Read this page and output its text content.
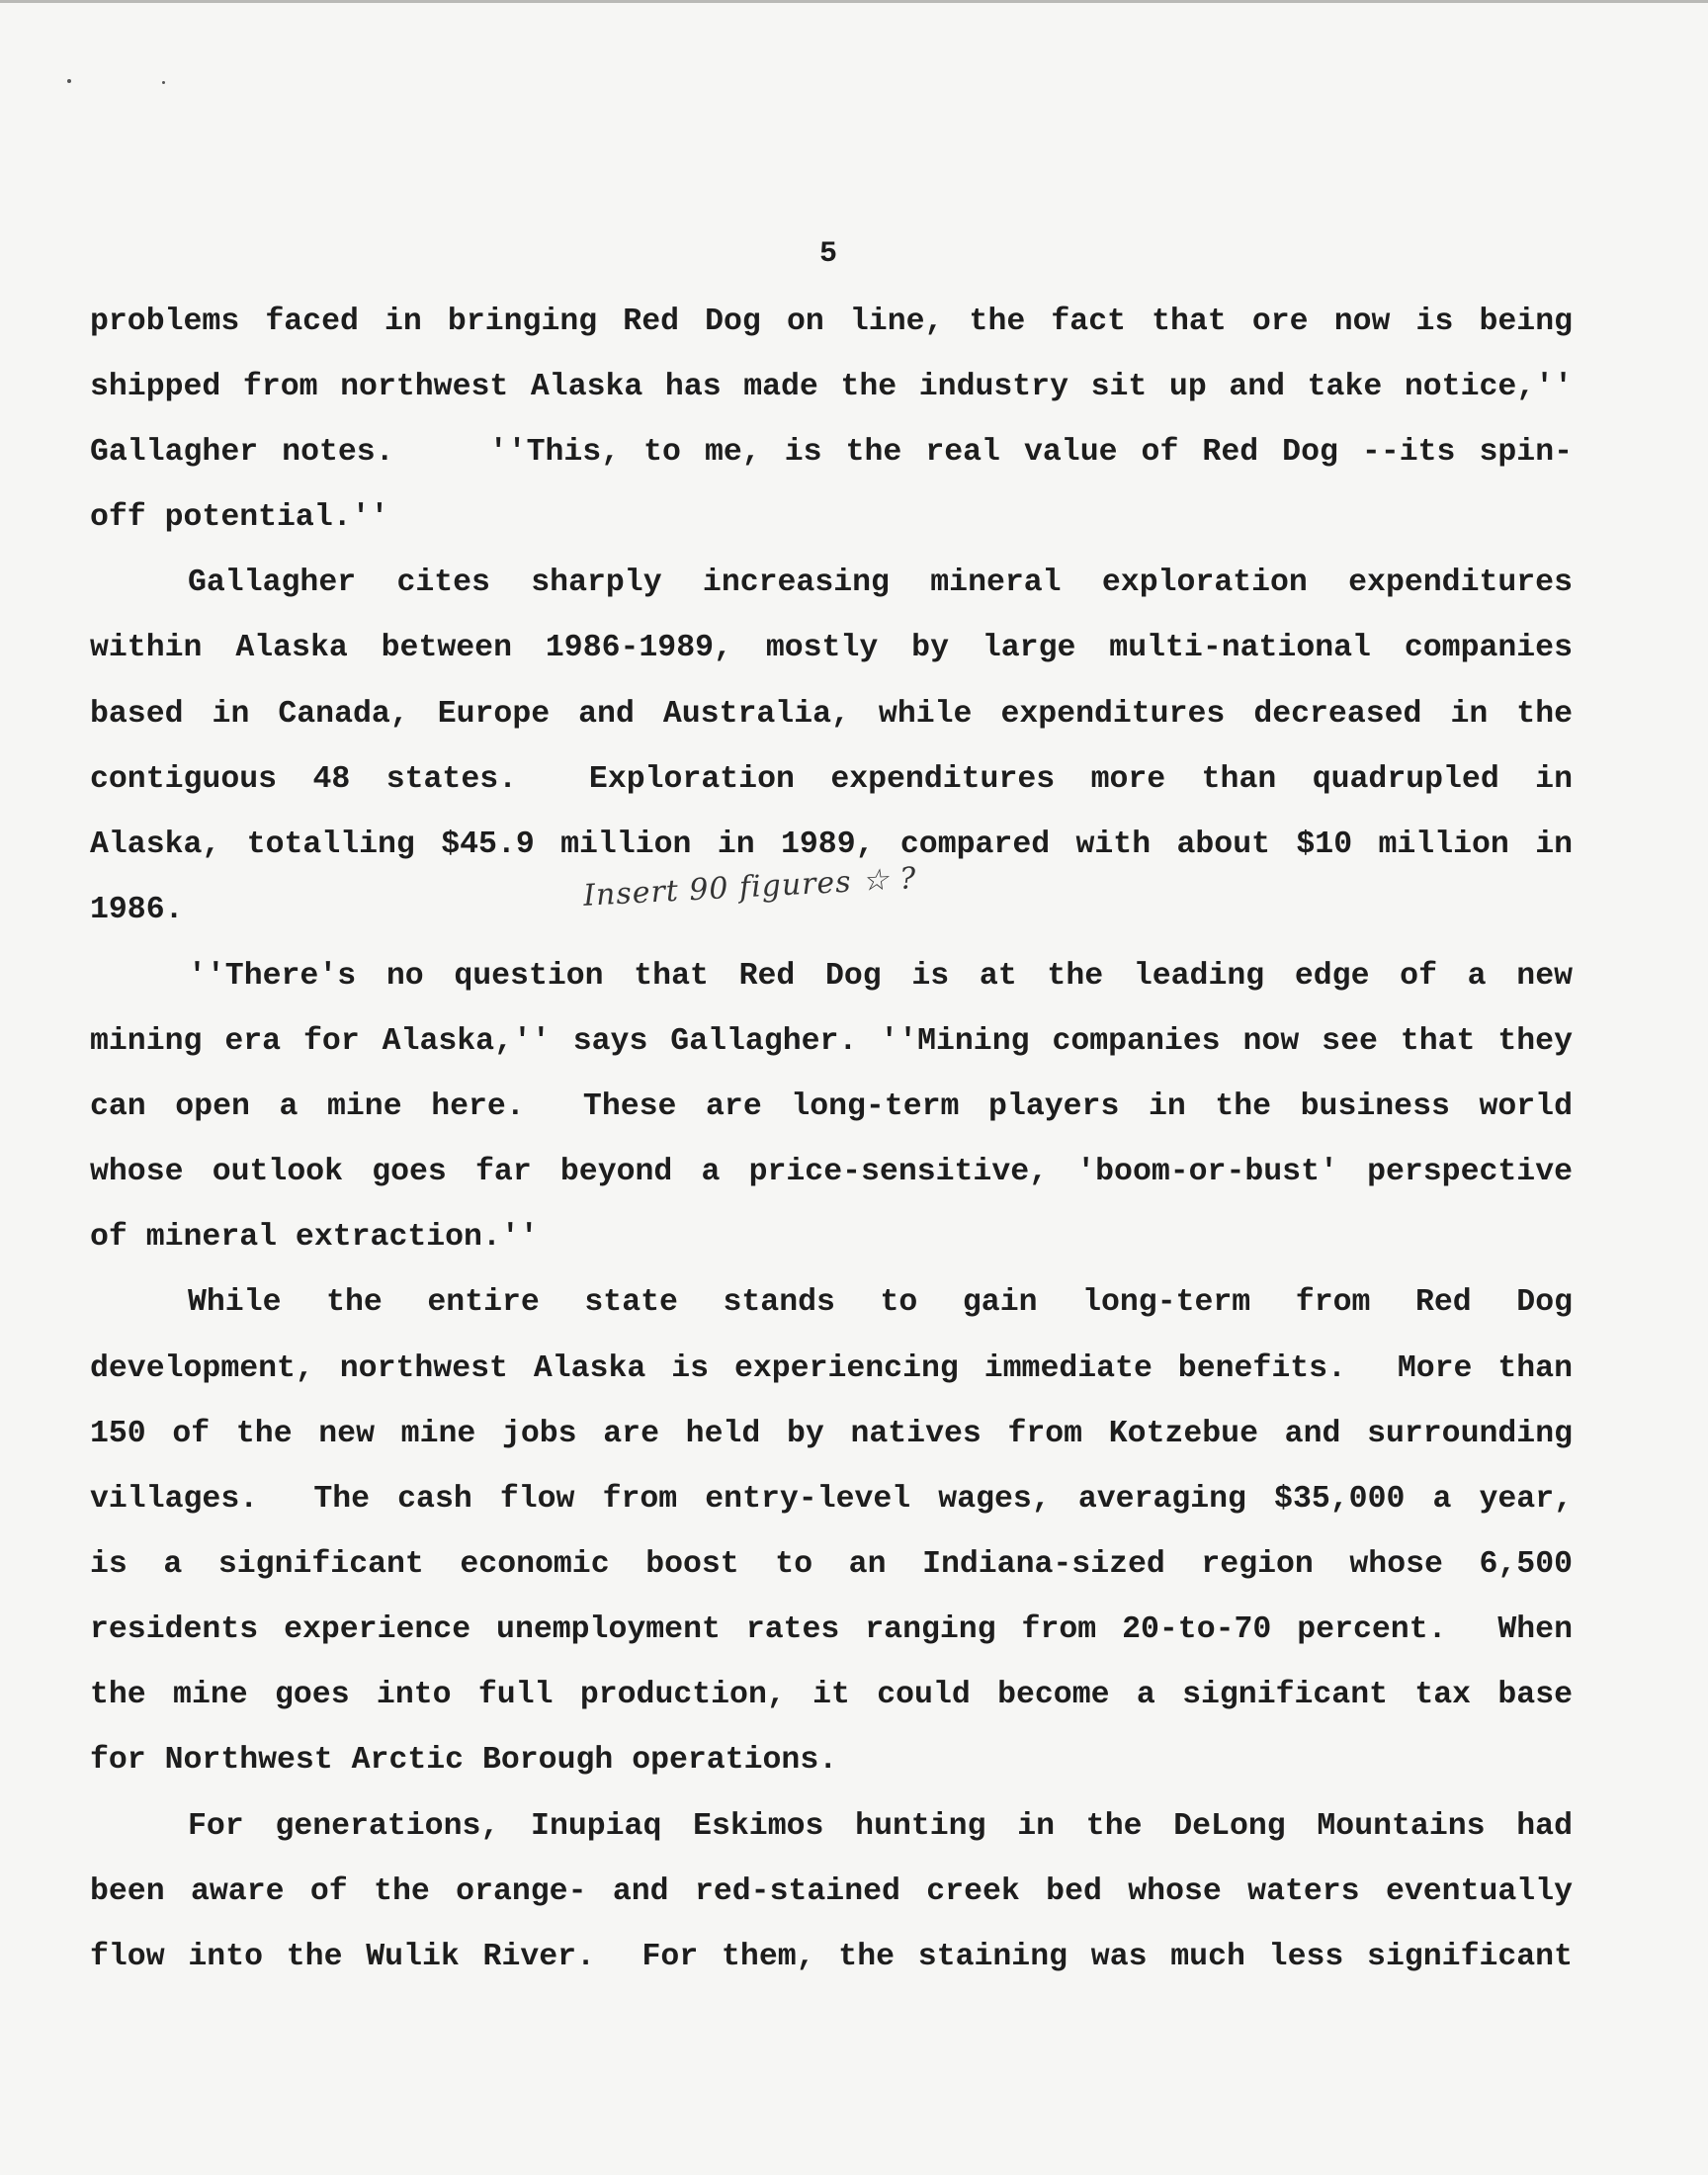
5
problems faced in bringing Red Dog on line, the fact that ore now is being
shipped from northwest Alaska has made the industry sit up and take notice,''
Gallagher notes.    ''This, to me, is the real value of Red Dog --its spin-
off potential.''
Gallagher cites sharply increasing mineral exploration expenditures
within Alaska between 1986-1989, mostly by large multi-national companies
based in Canada, Europe and Australia, while expenditures decreased in the
contiguous 48 states.  Exploration expenditures more than quadrupled in
Alaska, totalling $45.9 million in 1989, compared with about $10 million in
1986.	Insert 90 figures ☆ ?
''There's no question that Red Dog is at the leading edge of a new
mining era for Alaska,'' says Gallagher. ''Mining companies now see that they
can open a mine here.  These are long-term players in the business world
whose outlook goes far beyond a price-sensitive, 'boom-or-bust' perspective
of mineral extraction.''
While the entire state stands to gain long-term from Red Dog
development, northwest Alaska is experiencing immediate benefits.  More than
150 of the new mine jobs are held by natives from Kotzebue and surrounding
villages.  The cash flow from entry-level wages, averaging $35,000 a year,
is a significant economic boost to an Indiana-sized region whose 6,500
residents experience unemployment rates ranging from 20-to-70 percent.  When
the mine goes into full production, it could become a significant tax base
for Northwest Arctic Borough operations.
For generations, Inupiaq Eskimos hunting in the DeLong Mountains had
been aware of the orange- and red-stained creek bed whose waters eventually
flow into the Wulik River.  For them, the staining was much less significant
